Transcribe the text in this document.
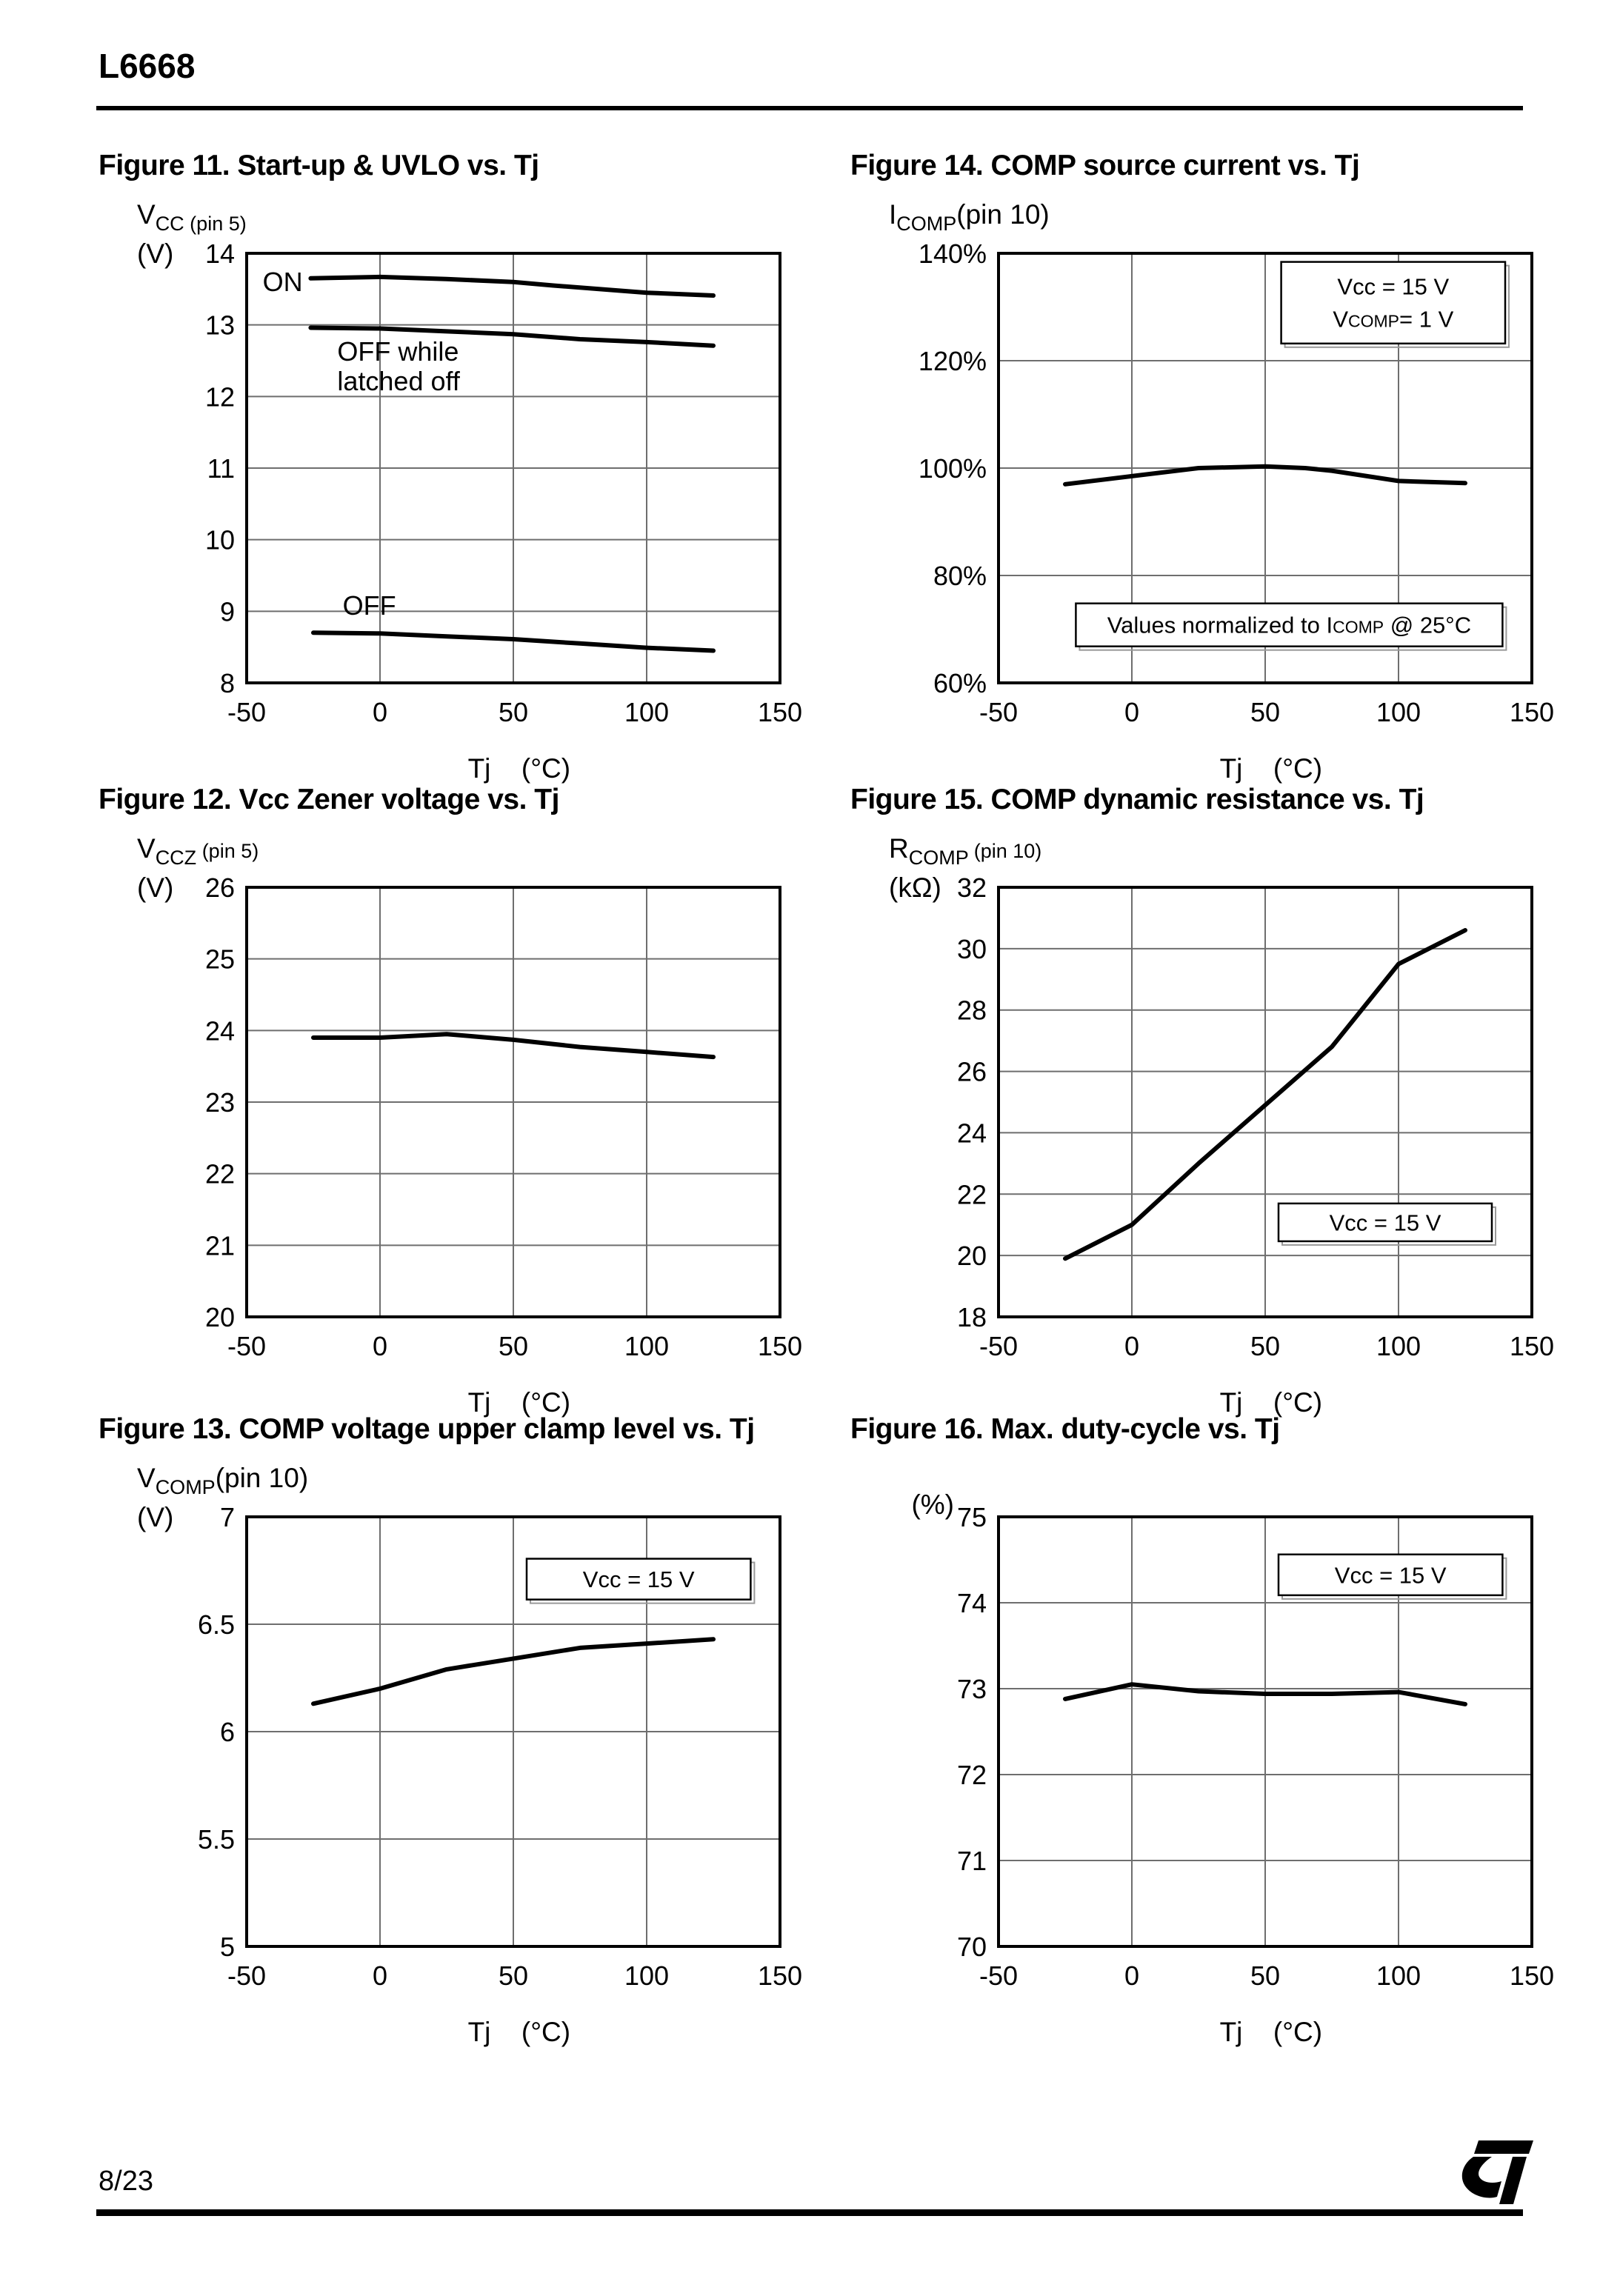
L6668
Figure 11. Start-up & UVLO vs. Tj
8
9
10
11
12
13
14
-50	0	50	100	150
$V_{CC (pin 5)}$
(V)
Tj (°C)
ON
OFF while latched off
OFF
Figure 14. COMP source current vs. Tj
60%
80%
100%
120%
140%
-50	0	50	100	150
$I_{COMP}(pin$ 10)
Tj (°C)
Vcc = 15 V
VCOMP= 1 V
Values normalized to ICOMP @ 25°C
Figure 12. Vcc Zener voltage vs. Tj
20
21
22
23
24
25
26
-50	0	50	100	150
$V_{CCZ}$ $^{(pin 5)}$
(V)
Tj (°C)
Figure 15. COMP dynamic resistance vs. Tj
18
20
22
24
26
28
30
32
-50	0	50	100	150
$R_{COMP}$ $^{(pin 10)}$
(kΩ)
Tj (°C)
Vcc = 15 V
Figure 13. COMP voltage upper clamp level vs. Tj
5
5.5
6
6.5
7
-50	0	50	100	150
$V_{COMP}(pin$ 10)
(V)
Tj (°C)
Vcc = 15 V
Figure 16. Max. duty-cycle vs. Tj
70
71
72
73
74
75
-50	0	50	100	150
(%)
Tj (°C)
Vcc = 15 V
8/23
